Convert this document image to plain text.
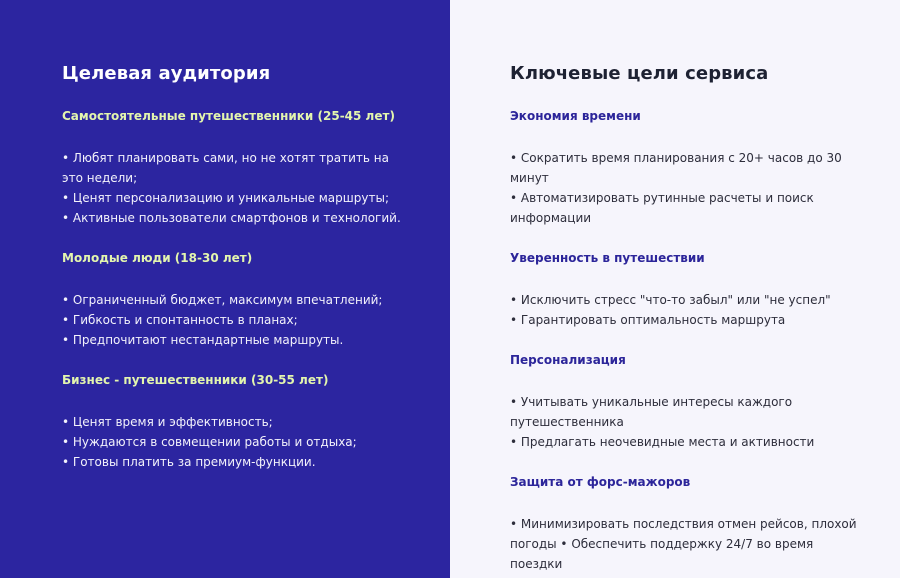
Целевая аудитория
Самостоятельные путешественники (25-45 лет)
• Любят планировать сами, но не хотят тратить на это недели;
• Ценят персонализацию и уникальные маршруты;
• Активные пользователи смартфонов и технологий.
Молодые люди (18-30 лет)
• Ограниченный бюджет, максимум впечатлений;
• Гибкость и спонтанность в планах;
• Предпочитают нестандартные маршруты.
Бизнес - путешественники (30-55 лет)
• Ценят время и эффективность;
• Нуждаются в совмещении работы и отдыха;
• Готовы платить за премиум-функции.
Ключевые цели сервиса
Экономия времени
• Сократить время планирования с 20+ часов до 30 минут
• Автоматизировать рутинные расчеты и поиск информации
Уверенность в путешествии
• Исключить стресс "что-то забыл" или "не успел"
• Гарантировать оптимальность маршрута
Персонализация
• Учитывать уникальные интересы каждого путешественника
• Предлагать неочевидные места и активности
Защита от форс-мажоров
• Минимизировать последствия отмен рейсов, плохой погоды • Обеспечить поддержку 24/7 во время поездки
